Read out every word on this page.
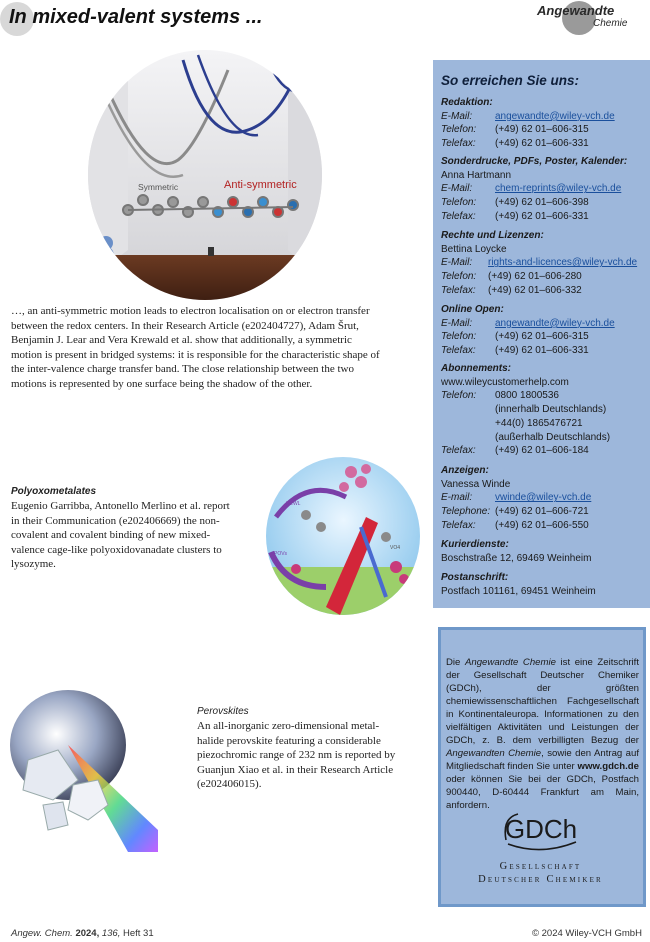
In mixed-valent systems ...	Angewandte
Chemie
Symmetric	Anti-symmetric
…, an anti-symmetric motion leads to electron localisation on or electron transfer
between the redox centers. In their Research Article (e202404727), Adam Šrut,
Benjamin J. Lear and Vera Krewald et al. show that additionally, a symmetric
motion is present in bridged systems: it is responsible for the characteristic shape of
the inter-valence charge transfer band. The close relationship between the two
motions is represented by one surface being the shadow of the other.
Polyoxometalates
Eugenio Garribba, Antonello Merlino et al. report
in their Communication (e202406669) the non-
covalent and covalent binding of new mixed-
valence cage-like polyoxidovanadate clusters to
lysozyme.
HEWL
POVs
VO4
Perovskites
An all-inorganic zero-dimensional metal-
halide perovskite featuring a considerable
piezochromic range of 232 nm is reported by
Guanjun Xiao et al. in their Research Article
(e202406015).
So erreichen Sie uns:
Redaktion:
E-Mail:	angewandte@wiley-vch.de
Telefon:	(+49) 62 01–606-315
Telefax:	(+49) 62 01–606-331
Sonderdrucke, PDFs, Poster, Kalender:
Anna Hartmann
E-Mail:	chem-reprints@wiley-vch.de
Telefon:	(+49) 62 01–606-398
Telefax:	(+49) 62 01–606-331
Rechte und Lizenzen:
Bettina Loycke
E-Mail:	rights-and-licences@wiley-vch.de
Telefon:	(+49) 62 01–606-280
Telefax:	(+49) 62 01–606-332
Online Open:
E-Mail:	angewandte@wiley-vch.de
Telefon:	(+49) 62 01–606-315
Telefax:	(+49) 62 01–606-331
Abonnements:
www.wileycustomerhelp.com
Telefon:	0800 1800536
(innerhalb Deutschlands)
+44(0) 1865476721
(außerhalb Deutschlands)
Telefax:	(+49) 62 01–606-184
Anzeigen:
Vanessa Winde
E-mail:	vwinde@wiley-vch.de
Telephone: (+49) 62 01–606-721
Telefax:	(+49) 62 01–606-550
Kurierdienste:
Boschstraße 12, 69469 Weinheim
Postanschrift:
Postfach 101161, 69451 Weinheim
Die Angewandte Chemie ist eine Zeitschrift der Gesellschaft Deutscher Chemiker (GDCh), der größten chemiewissenschaftlichen Fachgesellschaft in Kontinentaleuropa. Informationen zu den vielfältigen Aktivitäten und Leistungen der GDCh, z. B. dem verbilligten Bezug der Angewandten Chemie, sowie den Antrag auf Mitgliedschaft finden Sie unter www.gdch.de oder können Sie bei der GDCh, Postfach 900440, D-60444 Frankfurt am Main, anfordern.
GDCh
Gesellschaft
Deutscher Chemiker
Angew. Chem. 2024, 136, Heft 31	© 2024 Wiley-VCH GmbH
